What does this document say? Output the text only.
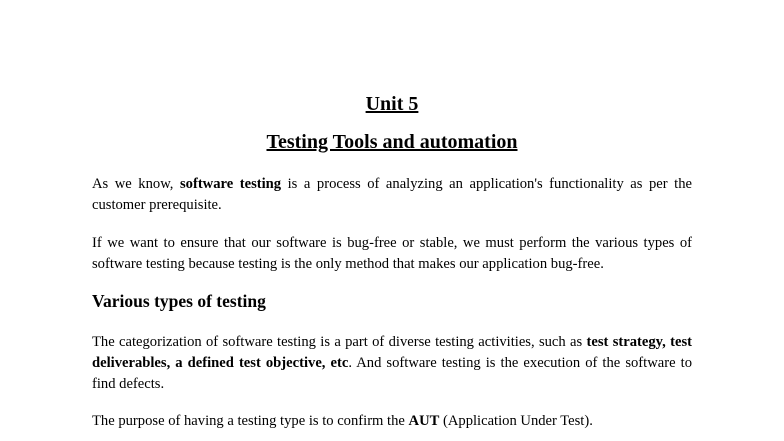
Unit 5
Testing Tools and automation

As we know, software testing is a process of analyzing an application's functionality as per the customer prerequisite.

If we want to ensure that our software is bug-free or stable, we must perform the various types of software testing because testing is the only method that makes our application bug-free.

Various types of testing

The categorization of software testing is a part of diverse testing activities, such as test strategy, test deliverables, a defined test objective, etc. And software testing is the execution of the software to find defects.

The purpose of having a testing type is to confirm the AUT (Application Under Test).
